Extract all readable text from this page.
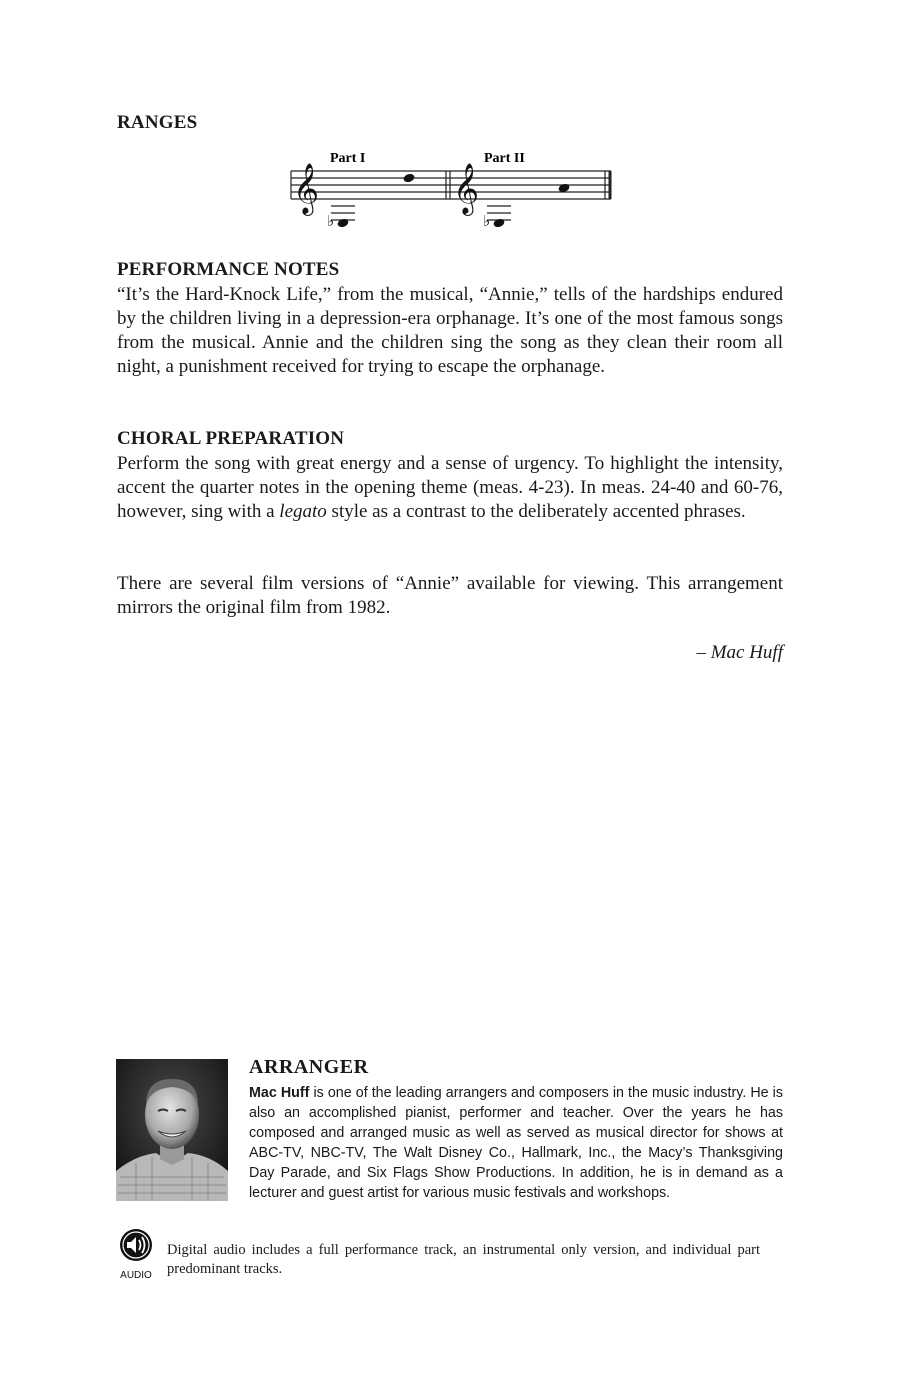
RANGES
Part I	Part II
𝄞	𝄞
♭	♭
PERFORMANCE NOTES

“It’s the Hard-Knock Life,” from the musical, “Annie,” tells of the hardships endured by the children living in a depression-era orphanage. It’s one of the most famous songs from the musical. Annie and the children sing the song as they clean their room all night, a punishment received for trying to escape the orphanage.

CHORAL PREPARATION

Perform the song with great energy and a sense of urgency. To highlight the intensity, accent the quarter notes in the opening theme (meas. 4-23). In meas. 24-40 and 60-76, however, sing with a legato style as a contrast to the deliberately accented phrases.

There are several film versions of “Annie” available for viewing. This arrangement mirrors the original film from 1982.

– Mac Huff

ARRANGER

Mac Huff is one of the leading arrangers and composers in the music industry. He is also an accomplished pianist, performer and teacher. Over the years he has composed and arranged music as well as served as musical director for shows at ABC-TV, NBC-TV, The Walt Disney Co., Hallmark, Inc., the Macy’s Thanksgiving Day Parade, and Six Flags Show Productions. In addition, he is in demand as a lecturer and guest artist for various music festivals and workshops.

AUDIO

Digital audio includes a full performance track, an instrumental only version, and individual part predominant tracks.
